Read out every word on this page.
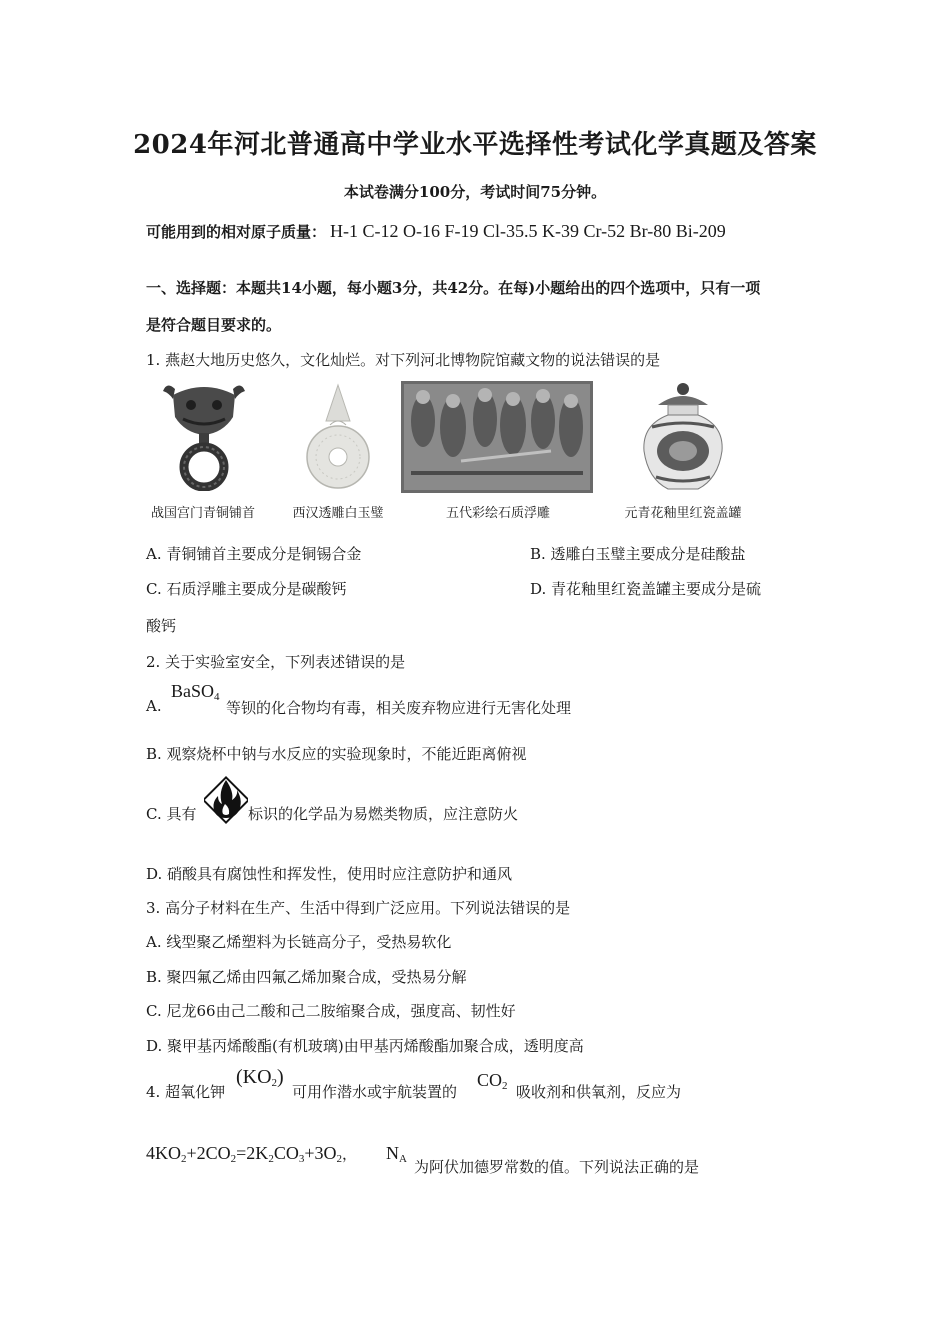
2024年河北普通高中学业水平选择性考试化学真题及答案
本试卷满分100分，考试时间75分钟。
可能用到的相对原子质量： H-1 C-12 O-16 F-19 Cl-35.5 K-39 Cr-52 Br-80 Bi-209
一、选择题：本题共14小题，每小题3分，共42分。在每)小题给出的四个选项中，只有一项
是符合题目要求的。
1. 燕赵大地历史悠久，文化灿烂。对下列河北博物院馆藏文物的说法错误的是
战国宫门青铜铺首	西汉透雕白玉璧	五代彩绘石质浮雕	元青花釉里红瓷盖罐
A. 青铜铺首主要成分是铜锡合金	B. 透雕白玉璧主要成分是硅酸盐
C. 石质浮雕主要成分是碳酸钙	D. 青花釉里红瓷盖罐主要成分是硫
酸钙
2. 关于实验室安全，下列表述错误的是
A.
BaSO$_4$
等钡的化合物均有毒，相关废弃物应进行无害化处理
B. 观察烧杯中钠与水反应的实验现象时，不能近距离俯视
C. 具有	标识的化学品为易燃类物质，应注意防火
D. 硝酸具有腐蚀性和挥发性，使用时应注意防护和通风
3. 高分子材料在生产、生活中得到广泛应用。下列说法错误的是
A. 线型聚乙烯塑料为长链高分子，受热易软化
B. 聚四氟乙烯由四氟乙烯加聚合成，受热易分解
C. 尼龙66由己二酸和己二胺缩聚合成，强度高、韧性好
D. 聚甲基丙烯酸酯(有机玻璃)由甲基丙烯酸酯加聚合成，透明度高
4. 超氧化钾
$(KO_2)$
可用作潜水或宇航装置的
$CO_2$ 吸收剂和供氧剂，反应为
$4KO_2+2CO_2=2K_2CO_3+3O_2$， $N_A$ 为阿伏加德罗常数的值。下列说法正确的是
